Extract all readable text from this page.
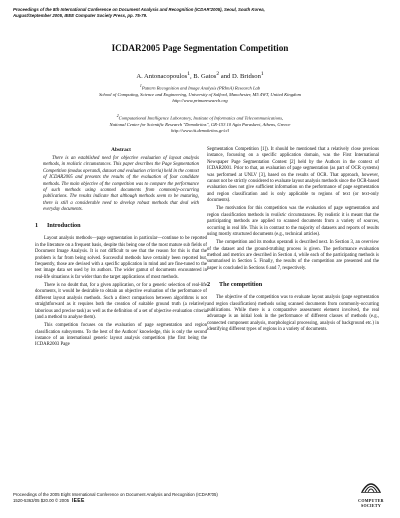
Proceedings of the 8th International Conference on Document Analysis and Recognition (ICDAR'2005), Seoul, South Korea,
August/September 2005, IEEE Computer Society Press, pp. 75-79.
ICDAR2005 Page Segmentation Competition
A. Antonacopoulos$^1$, B. Gatos$^2$ and D. Bridson$^1$
$^1$Pattern Recognition and Image Analysis (PRImA) Research Lab
School of Computing, Science and Engineering, University of Salford, Manchester, M5 4WT, United Kingdom
http://www.primaresearch.org
$^2$Computational Intelligence Laboratory, Institute of Informatics and Telecommunications,
National Center for Scientific Research "Demokritos", GR-153 10 Agia Paraskevi, Athens, Greece
http://www.iit.demokritos.gr/cil
Abstract

There is an established need for objective evaluation of layout analysis methods, in realistic circumstances. This paper describes the Page Segmentation Competition (modus operandi, dataset and evaluation criteria) held in the context of ICDAR2005 and presents the results of the evaluation of four candidate methods. The main objective of the competition was to compare the performance of such methods using scanned documents from commonly-occurring publications. The results indicate that although methods seem to be maturing, there is still a considerable need to develop robust methods that deal with everyday documents.

1 Introduction

Layout analysis methods—page segmentation in particular—continue to be reported in the literature on a frequent basis, despite this being one of the most mature sub fields of Document Image Analysis. It is not difficult to see that the reason for this is that the problem is far from being solved. Successful methods have certainly been reported but, frequently, those are devised with a specific application in mind and are fine-tuned to the test image data set used by its authors. The wider gamut of documents encountered in real-life situations is far wider than the target applications of most methods.

There is no doubt that, for a given application, or for a generic selection of real-life documents, it would be desirable to obtain an objective evaluation of the performance of different layout analysis methods. Such a direct comparison between algorithms is not straightforward as it requires both the creation of suitable ground truth (a relatively laborious and precise task) as well as the definition of a set of objective evaluation criteria (and a method to analyse them).

This competition focuses on the evaluation of page segmentation and region classification subsystems. To the best of the Authors' knowledge, this is only the second instance of an international generic layout analysis competition (the first being the ICDAR2003 Page

Segmentation Competition [1]). It should be mentioned that a relatively close previous instance, focussing on a specific application domain, was the First International Newspaper Page Segmentation Contest [2] held by the Authors in the context of ICDAR2001. Prior to that, an evaluation of page segmentation (as part of OCR systems) was performed at UNLV [3], based on the results of OCR. That approach, however, cannot not be strictly considered to evaluate layout analysis methods since the OCR-based evaluation does not give sufficient information on the performance of page segmentation and region classification and is only applicable to regions of text (or text-only documents).

The motivation for this competition was the evaluation of page segmentation and region classification methods in realistic circumstances. By realistic it is meant that the participating methods are applied to scanned documents from a variety of sources, occurring in real life. This is in contrast to the majority of datasets and reports of results using mostly structured documents (e.g., technical articles).

The competition and its modus operandi is described next. In Section 3, an overview of the dataset and the ground-truthing process is given. The performance evaluation method and metrics are described in Section 4, while each of the participating methods is summarised in Section 5. Finally, the results of the competition are presented and the paper is concluded in Sections 6 and 7, respectively.

2 The competition

The objective of the competition was to evaluate layout analysis (page segmentation and region classification) methods using scanned documents from commonly-occurring publications. While there is a comparative assessment element involved, the real advantage is an initial look in the performance of different classes of methods (e.g., connected component analysis, morphological processing, analysis of background etc.) in identifying different types of regions in a variety of documents.

Proceedings of the 2005 Eight International Conference on Document Analysis and Recognition (ICDAR'05)
1520-5363/05 $20.00 © 2005 IEEE	COMPUTER
SOCIETY
